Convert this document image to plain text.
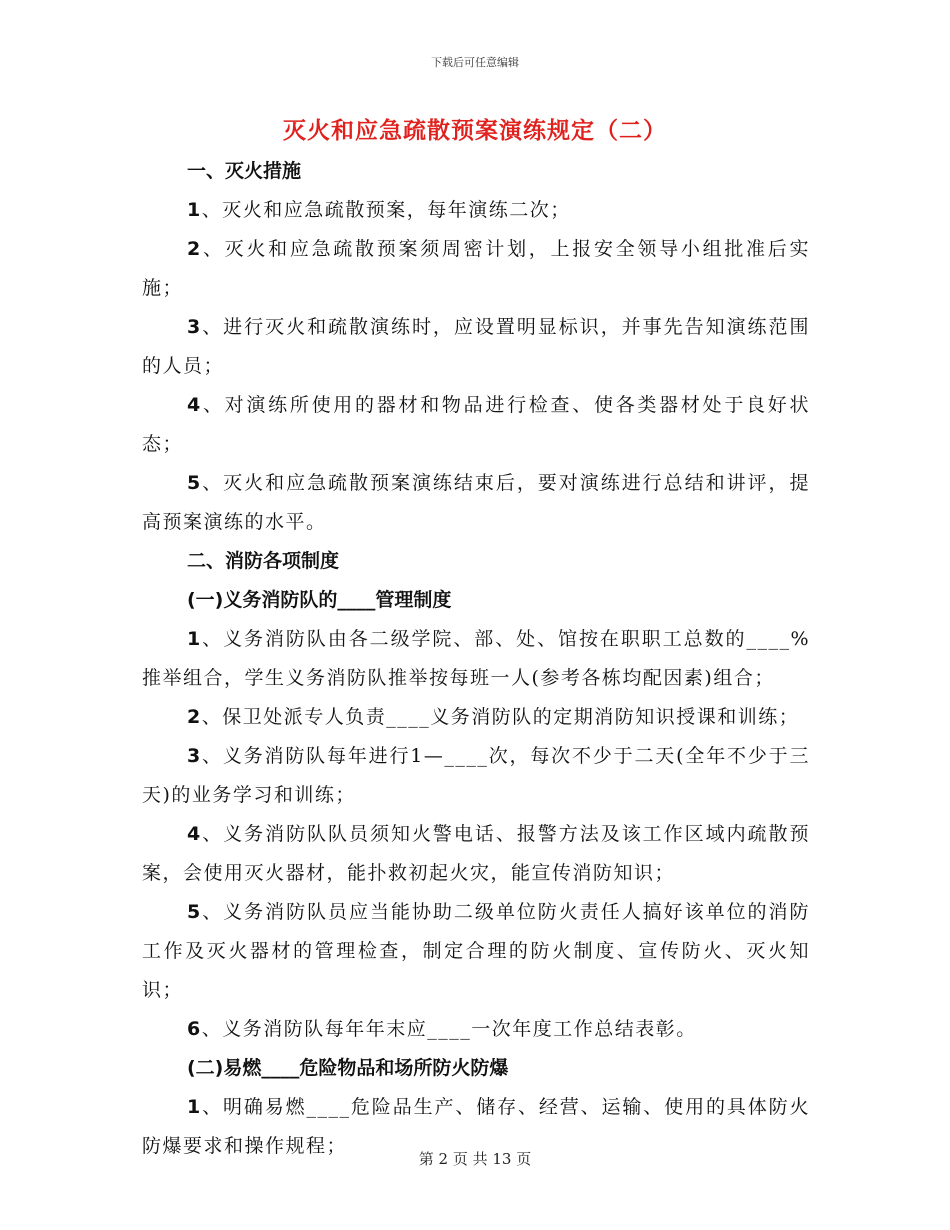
下载后可任意编辑
灭火和应急疏散预案演练规定（二）

一、灭火措施

1、灭火和应急疏散预案，每年演练二次；

2、灭火和应急疏散预案须周密计划，上报安全领导小组批准后实施；

3、进行灭火和疏散演练时，应设置明显标识，并事先告知演练范围的人员；

4、对演练所使用的器材和物品进行检查、使各类器材处于良好状态；

5、灭火和应急疏散预案演练结束后，要对演练进行总结和讲评，提高预案演练的水平。

二、消防各项制度

(一)义务消防队的____管理制度

1、义务消防队由各二级学院、部、处、馆按在职职工总数的____%推举组合，学生义务消防队推举按每班一人(参考各栋均配因素)组合；

2、保卫处派专人负责____义务消防队的定期消防知识授课和训练；

3、义务消防队每年进行1—____次，每次不少于二天(全年不少于三天)的业务学习和训练；

4、义务消防队队员须知火警电话、报警方法及该工作区域内疏散预案，会使用灭火器材，能扑救初起火灾，能宣传消防知识；

5、义务消防队员应当能协助二级单位防火责任人搞好该单位的消防工作及灭火器材的管理检查，制定合理的防火制度、宣传防火、灭火知识；

6、义务消防队每年年末应____一次年度工作总结表彰。

(二)易燃____危险物品和场所防火防爆

1、明确易燃____危险品生产、储存、经营、运输、使用的具体防火防爆要求和操作规程；

第 2 页 共 13 页
